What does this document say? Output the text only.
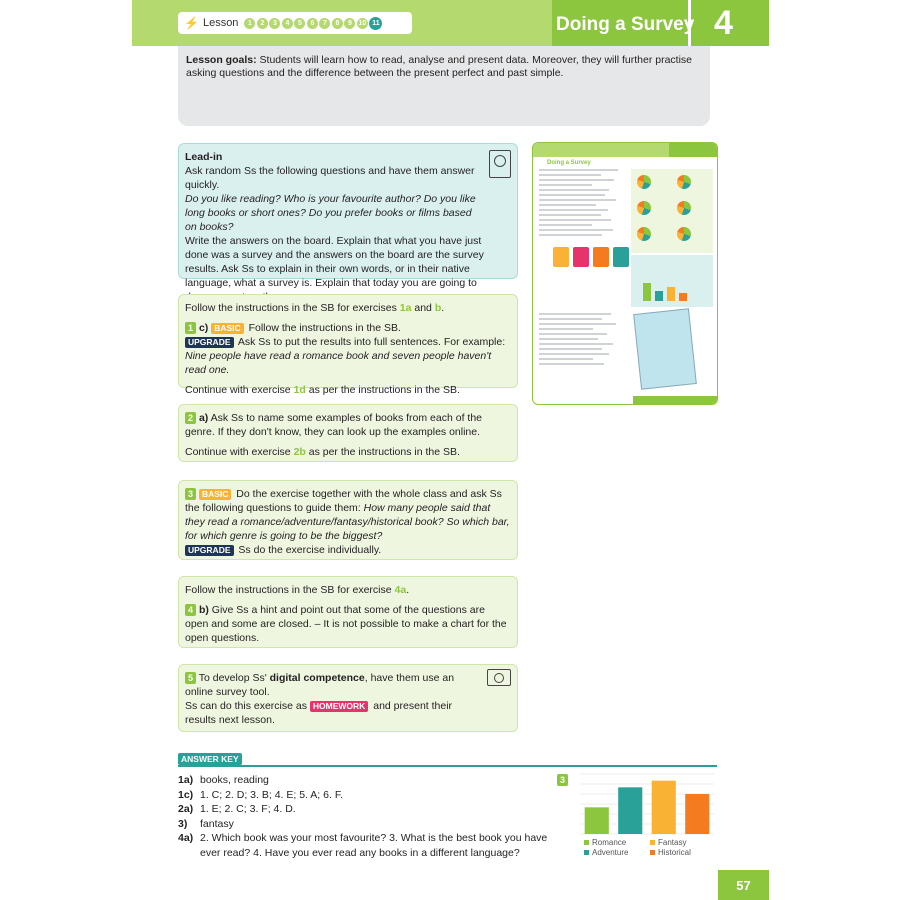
⚡ Lesson	1	2	3	4	5	6	7	8	9 10 11	Doing a Survey 4
Lesson goals: Students will learn how to read, analyse and present data. Moreover, they will further practise asking questions and the difference between the present perfect and past simple.

Lead-in

Ask random Ss the following questions and have them answer quickly.

Do you like reading? Who is your favourite author? Do you like long books or short ones? Do you prefer books or films based on books?

Write the answers on the board. Explain that what you have just done was a survey and the answers on the board are the survey results. Ask Ss to explain in their own words, or in their native language, what a survey is. Explain that today you are going to

Follow the instructions in the SB for exercises 1a and b.

1 c) BASIC Follow the instructions in the SB.

UPGRADE Ask Ss to put the results into full sentences. For example:

Nine people have read a romance book and seven people haven't read one.

Continue with exercise 1d as per the instructions in the SB.

2 a) Ask Ss to name some examples of books from each of the genre. If they don't know, they can look up the examples online.

Continue with exercise 2b as per the instructions in the SB.

3 BASIC Do the exercise together with the whole class and ask Ss the following questions to guide them: How many people said that they read a romance/adventure/fantasy/historical book? So which bar, for which genre is going to be the biggest?

UPGRADE Ss do the exercise individually.

Follow the instructions in the SB for exercise 4a.

4 b) Give Ss a hint and point out that some of the questions are open and some are closed. – It is not possible to make a chart for the open questions.

5 To develop Ss' digital competence, have them use an online survey tool.

Ss can do this exercise as HOMEWORK and present their results next lesson.

Doing a Survey
ANSWER KEY
1a) books, reading
1c) 1. C; 2. D; 3. B; 4. E; 5. A; 6. F.
2a) 1. E; 2. C; 3. F; 4. D.
3)	fantasy
4a) 2. Which book was your most favourite? 3. What is the best book you have ever read? 4. Have you ever read any books in a different language?
3
Romance	Fantasy
Adventure	Historical
57
